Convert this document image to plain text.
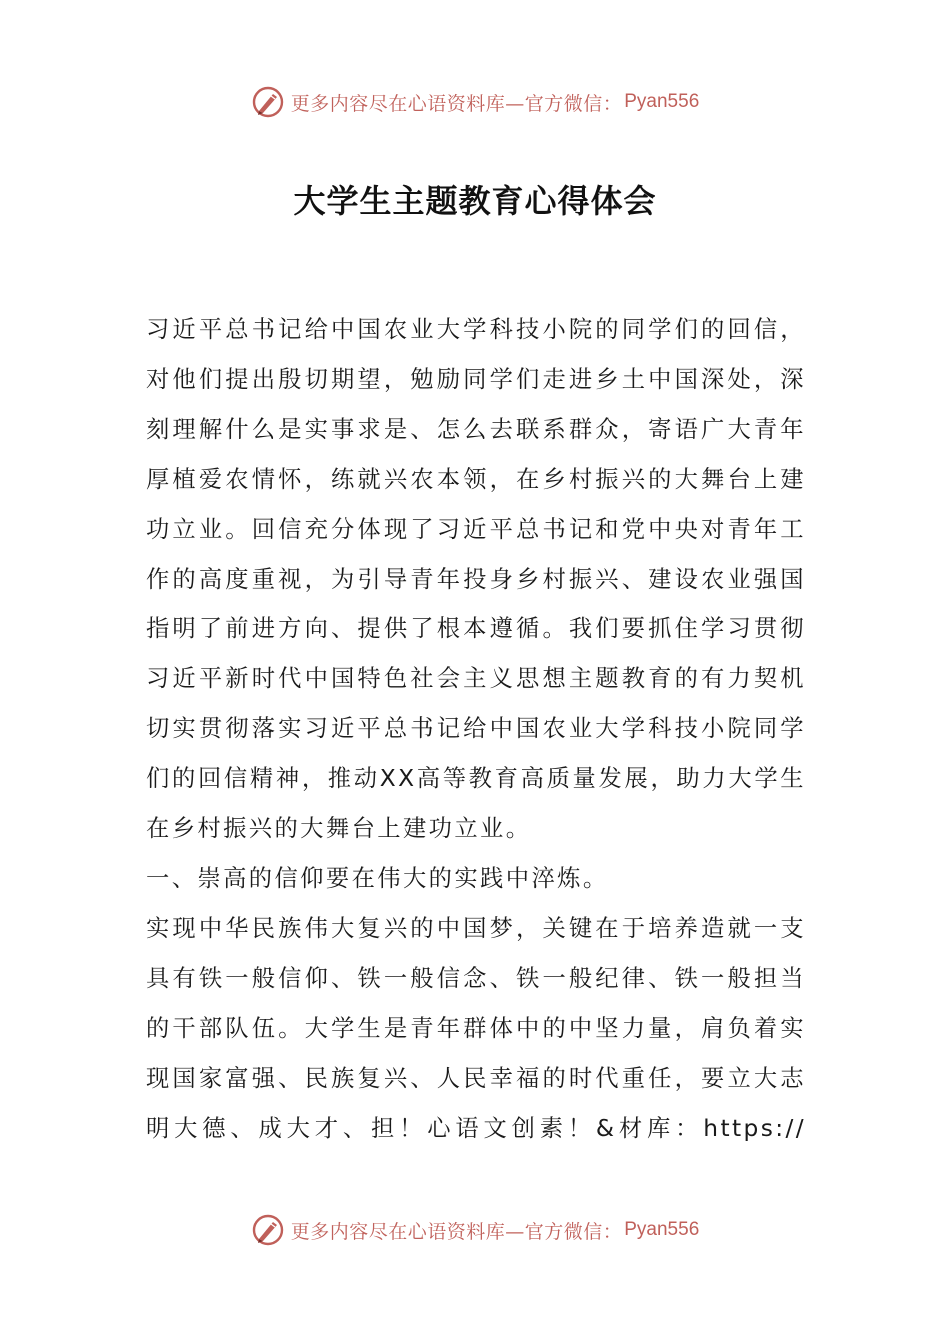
更多内容尽在心语资料库—官方微信： Pyan556
大学生主题教育心得体会

习近平总书记给中国农业大学科技小院的同学们的回信，对他们提出殷切期望，勉励同学们走进乡土中国深处，深刻理解什么是实事求是、怎么去联系群众，寄语广大青年厚植爱农情怀，练就兴农本领，在乡村振兴的大舞台上建功立业。回信充分体现了习近平总书记和党中央对青年工作的高度重视，为引导青年投身乡村振兴、建设农业强国指明了前进方向、提供了根本遵循。我们要抓住学习贯彻习近平新时代中国特色社会主义思想主题教育的有力契机切实贯彻落实习近平总书记给中国农业大学科技小院同学们的回信精神，推动XX高等教育高质量发展，助力大学生在乡村振兴的大舞台上建功立业。

一、崇高的信仰要在伟大的实践中淬炼。

实现中华民族伟大复兴的中国梦，关键在于培养造就一支具有铁一般信仰、铁一般信念、铁一般纪律、铁一般担当的干部队伍。大学生是青年群体中的中坚力量，肩负着实现国家富强、民族复兴、人民幸福的时代重任，要立大志明大德、成大才、担！心语文创素！&材库：https://

更多内容尽在心语资料库—官方微信： Pyan556
